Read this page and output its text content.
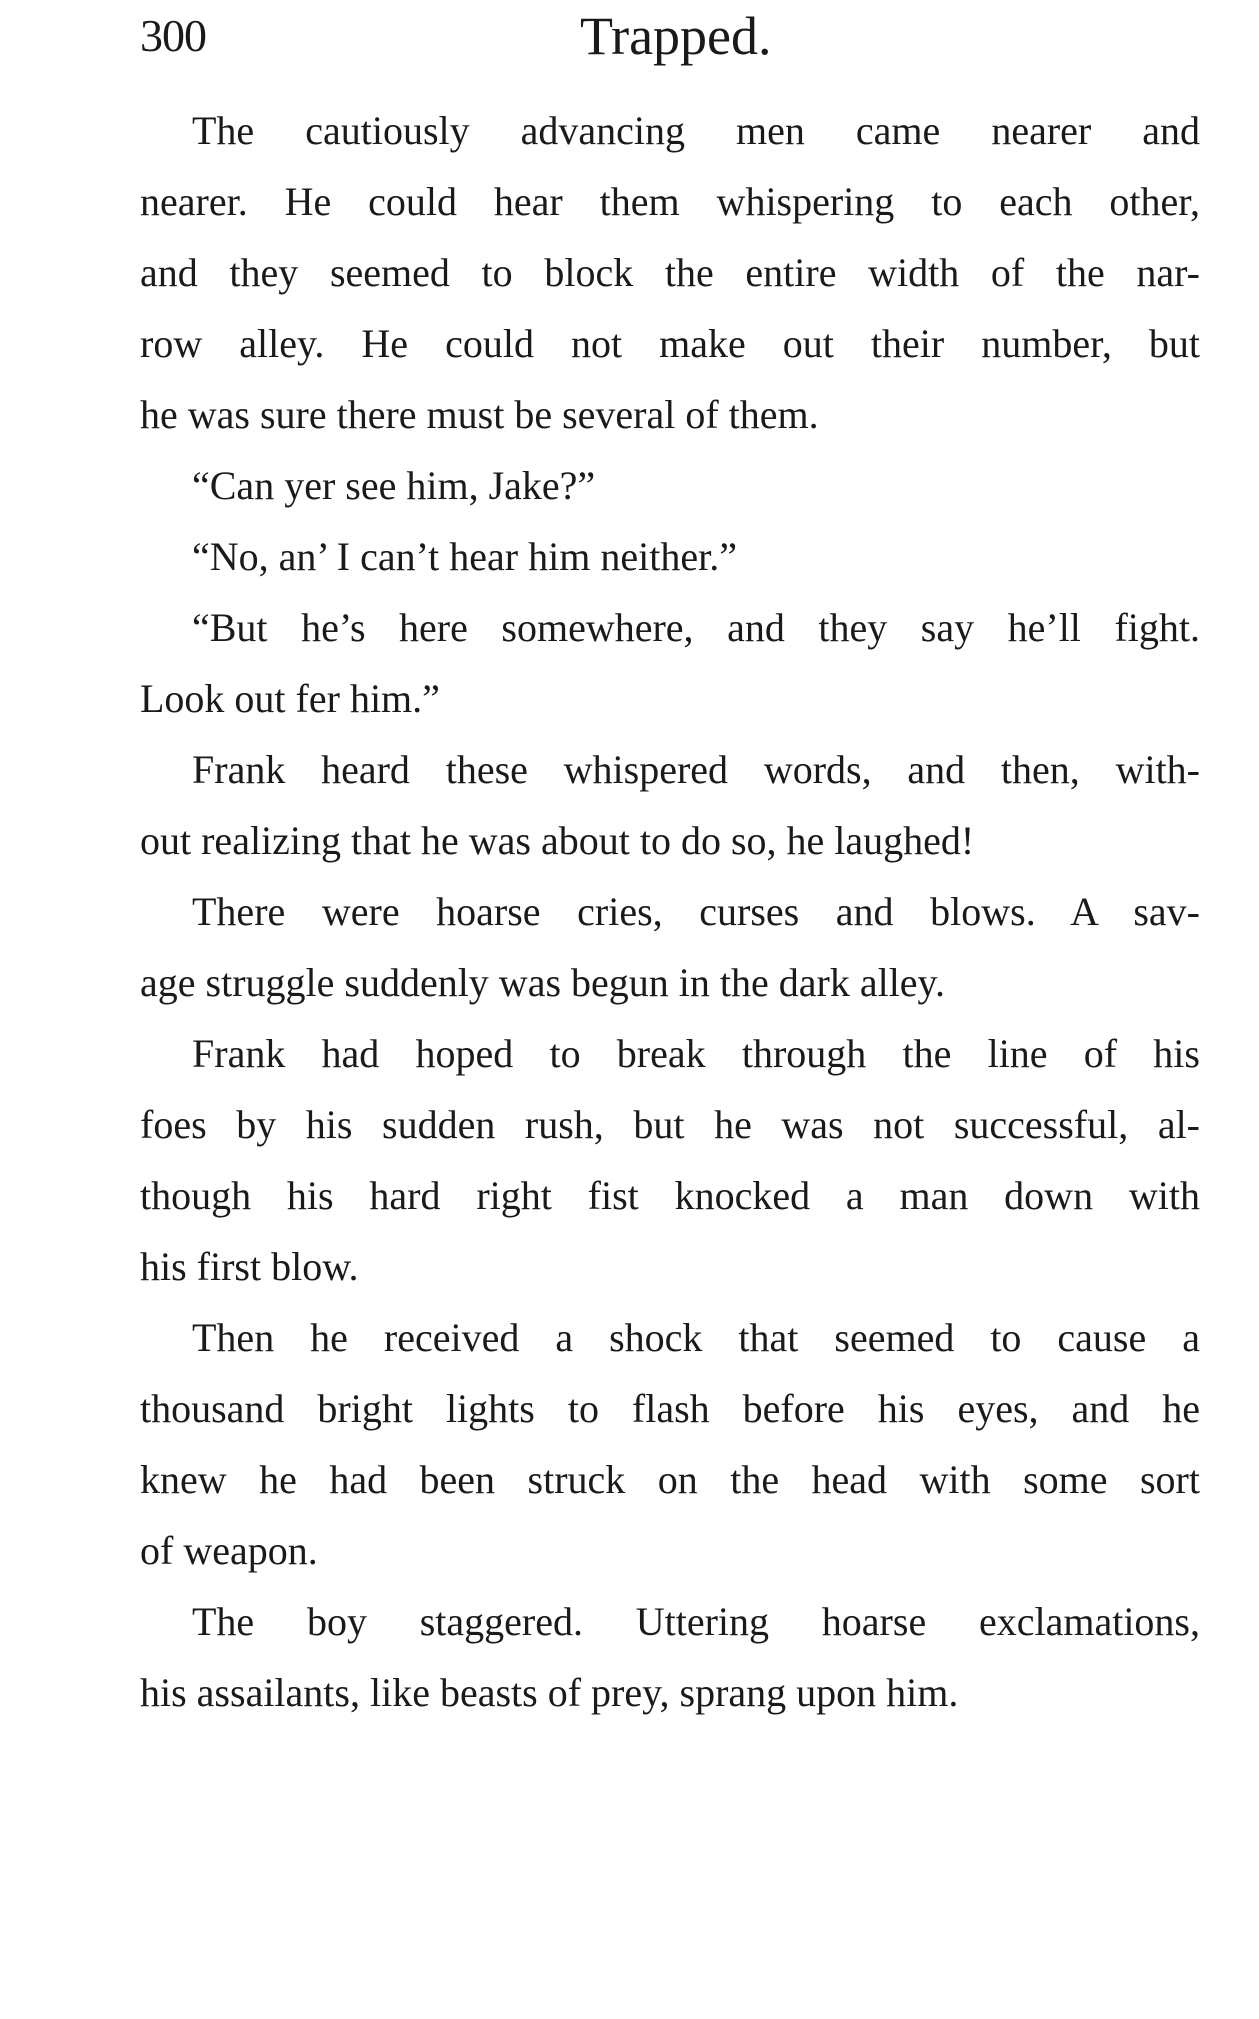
300	Trapped.
The cautiously advancing men came nearer and
nearer. He could hear them whispering to each other,
and they seemed to block the entire width of the nar-
row alley. He could not make out their number, but
he was sure there must be several of them.
“Can yer see him, Jake?”
“No, an’ I can’t hear him neither.”
“But he’s here somewhere, and they say he’ll fight.
Look out fer him.”
Frank heard these whispered words, and then, with-
out realizing that he was about to do so, he laughed!
There were hoarse cries, curses and blows. A sav-
age struggle suddenly was begun in the dark alley.
Frank had hoped to break through the line of his
foes by his sudden rush, but he was not successful, al-
though his hard right fist knocked a man down with
his first blow.
Then he received a shock that seemed to cause a
thousand bright lights to flash before his eyes, and he
knew he had been struck on the head with some sort
of weapon.
The boy staggered. Uttering hoarse exclamations,
his assailants, like beasts of prey, sprang upon him.
